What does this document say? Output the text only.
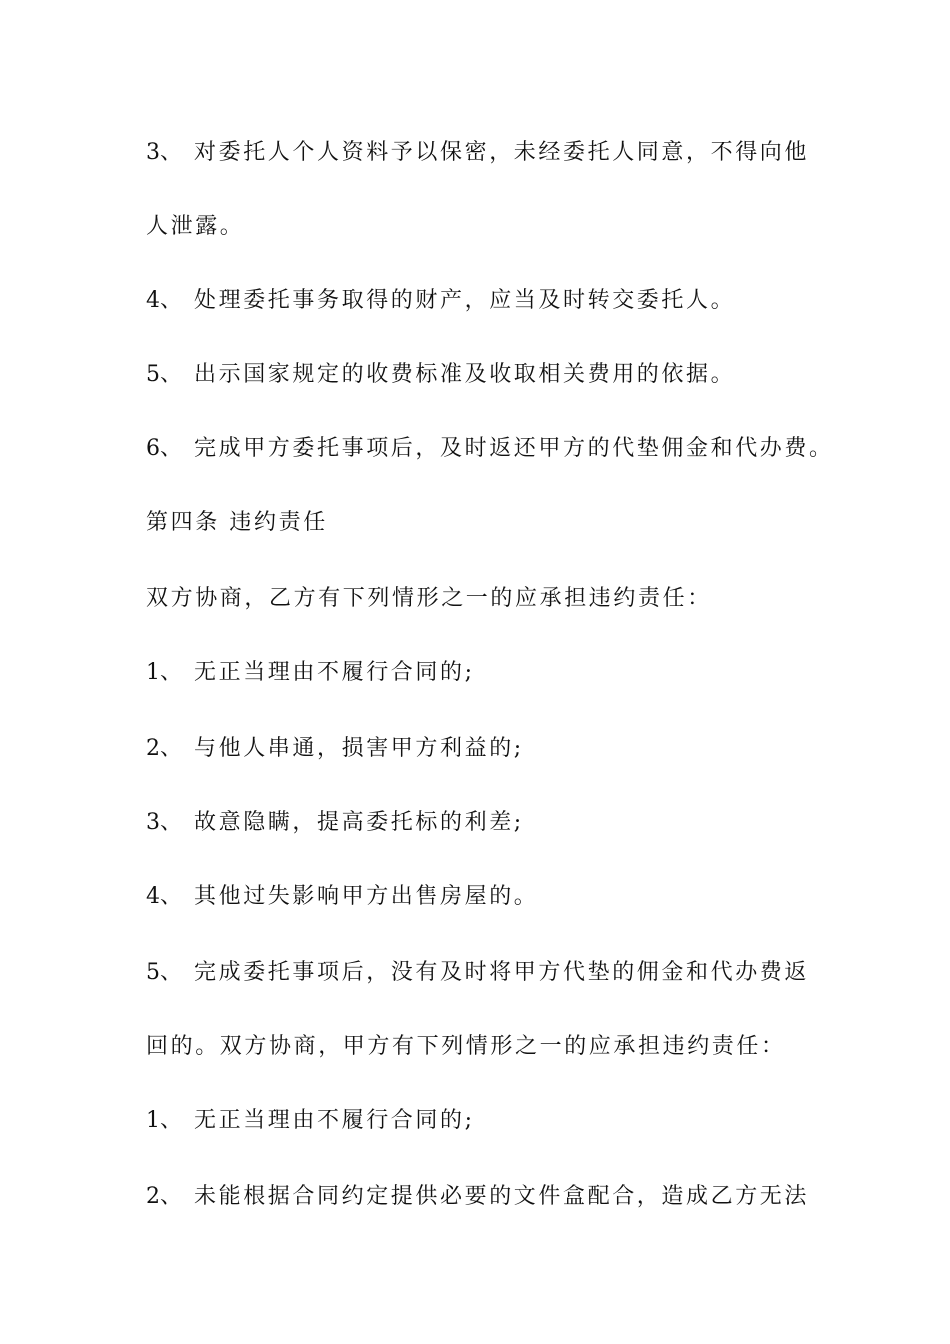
3、 对委托人个人资料予以保密，未经委托人同意，不得向他
人泄露。
4、 处理委托事务取得的财产，应当及时转交委托人。
5、 出示国家规定的收费标准及收取相关费用的依据。
6、 完成甲方委托事项后，及时返还甲方的代垫佣金和代办费。
第四条 违约责任
双方协商，乙方有下列情形之一的应承担违约责任：
1、 无正当理由不履行合同的;
2、 与他人串通，损害甲方利益的;
3、 故意隐瞒，提高委托标的利差;
4、 其他过失影响甲方出售房屋的。
5、 完成委托事项后，没有及时将甲方代垫的佣金和代办费返
回的。双方协商，甲方有下列情形之一的应承担违约责任：
1、 无正当理由不履行合同的;
2、 未能根据合同约定提供必要的文件盒配合，造成乙方无法
